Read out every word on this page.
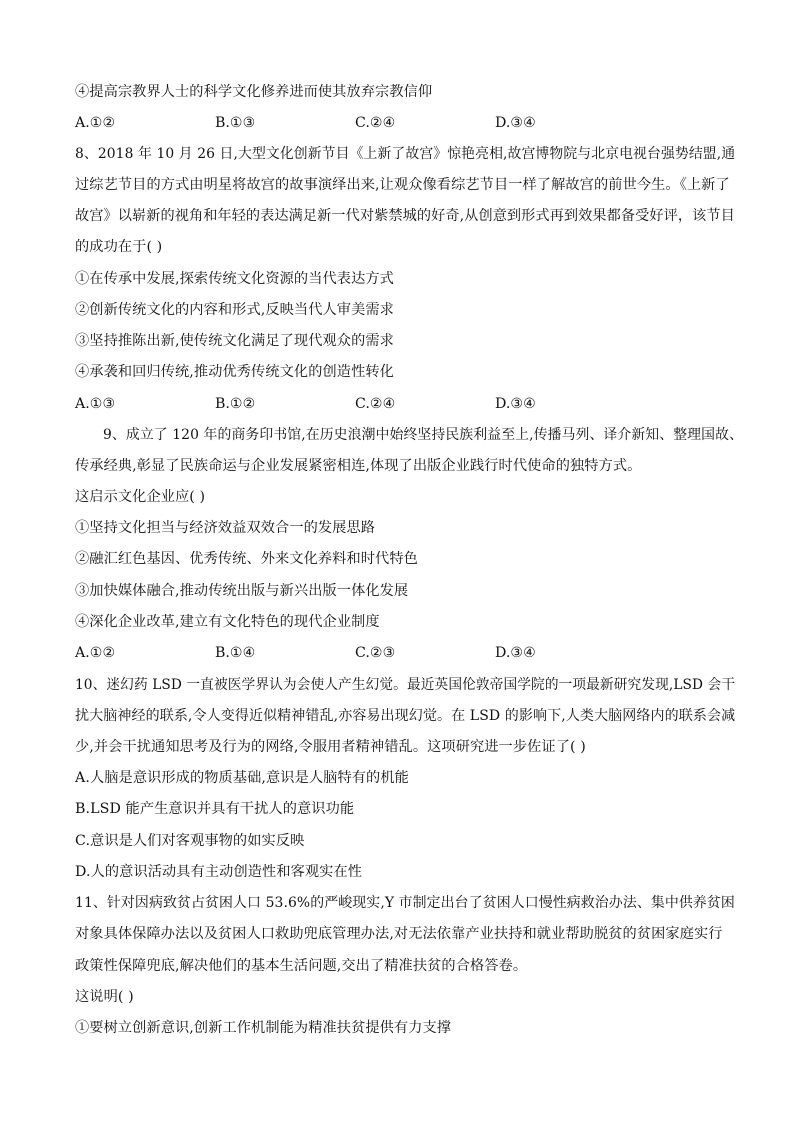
④提高宗教界人士的科学文化修养进而使其放弃宗教信仰
A.①②	B.①③	C.②④	D.③④
8、2018 年 10 月 26 日,大型文化创新节目《上新了故宫》惊艳亮相,故宫博物院与北京电视台强势结盟,通
过综艺节目的方式由明星将故宫的故事演绎出来,让观众像看综艺节目一样了解故宫的前世今生。《上新了
故宫》以崭新的视角和年轻的表达满足新一代对紫禁城的好奇,从创意到形式再到效果都备受好评，该节目
的成功在于( )
①在传承中发展,探索传统文化资源的当代表达方式
②创新传统文化的内容和形式,反映当代人审美需求
③坚持推陈出新,使传统文化满足了现代观众的需求
④承袭和回归传统,推动优秀传统文化的创造性转化
A.①③	B.①②	C.②④	D.③④
9、成立了 120 年的商务印书馆,在历史浪潮中始终坚持民族利益至上,传播马列、译介新知、整理国故、
传承经典,彰显了民族命运与企业发展紧密相连,体现了出版企业践行时代使命的独特方式。
这启示文化企业应( )
①坚持文化担当与经济效益双效合一的发展思路
②融汇红色基因、优秀传统、外来文化养料和时代特色
③加快媒体融合,推动传统出版与新兴出版一体化发展
④深化企业改革,建立有文化特色的现代企业制度
A.①②	B.①④	C.②③	D.③④
10、迷幻药 LSD 一直被医学界认为会使人产生幻觉。最近英国伦敦帝国学院的一项最新研究发现,LSD 会干
扰大脑神经的联系,令人变得近似精神错乱,亦容易出现幻觉。在 LSD 的影响下,人类大脑网络内的联系会减
少,并会干扰通知思考及行为的网络,令服用者精神错乱。这项研究进一步佐证了( )
A.人脑是意识形成的物质基础,意识是人脑特有的机能
B.LSD 能产生意识并具有干扰人的意识功能
C.意识是人们对客观事物的如实反映
D.人的意识活动具有主动创造性和客观实在性
11、针对因病致贫占贫困人口 53.6%的严峻现实,Y 市制定出台了贫困人口慢性病救治办法、集中供养贫困
对象具体保障办法以及贫困人口救助兜底管理办法,对无法依靠产业扶持和就业帮助脱贫的贫困家庭实行
政策性保障兜底,解决他们的基本生活问题,交出了精准扶贫的合格答卷。
这说明( )
①要树立创新意识,创新工作机制能为精准扶贫提供有力支撑
